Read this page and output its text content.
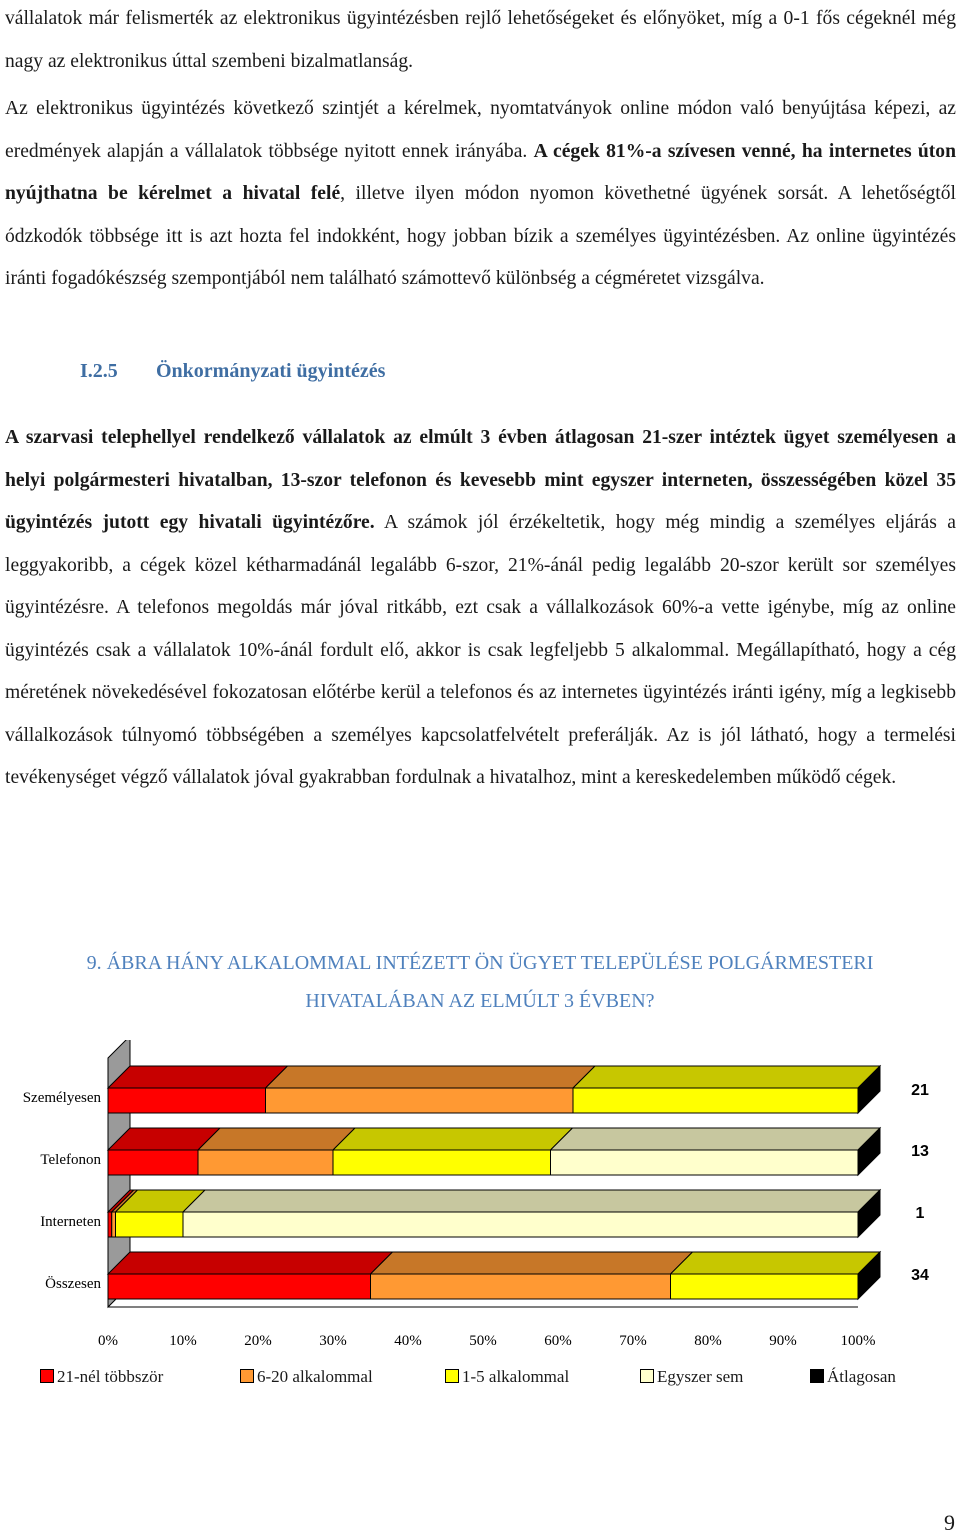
vállalatok már felismerték az elektronikus ügyintézésben rejlő lehetőségeket és előnyöket, míg a 0-1 fős cégeknél még nagy az elektronikus úttal szembeni bizalmatlanság.

Az elektronikus ügyintézés következő szintjét a kérelmek, nyomtatványok online módon való benyújtása képezi, az eredmények alapján a vállalatok többsége nyitott ennek irányába. A cégek 81%-a szívesen venné, ha internetes úton nyújthatna be kérelmet a hivatal felé, illetve ilyen módon nyomon követhetné ügyének sorsát. A lehetőségtől ódzkodók többsége itt is azt hozta fel indokként, hogy jobban bízik a személyes ügyintézésben. Az online ügyintézés iránti fogadókészség szempontjából nem található számottevő különbség a cégméretet vizsgálva.

I.2.5 Önkormányzati ügyintézés

A szarvasi telephellyel rendelkező vállalatok az elmúlt 3 évben átlagosan 21-szer intéztek ügyet személyesen a helyi polgármesteri hivatalban, 13-szor telefonon és kevesebb mint egyszer interneten, összességében közel 35 ügyintézés jutott egy hivatali ügyintézőre. A számok jól érzékeltetik, hogy még mindig a személyes eljárás a leggyakoribb, a cégek közel kétharmadánál legalább 6-szor, 21%-ánál pedig legalább 20-szor került sor személyes ügyintézésre. A telefonos megoldás már jóval ritkább, ezt csak a vállalkozások 60%-a vette igénybe, míg az online ügyintézés csak a vállalatok 10%-ánál fordult elő, akkor is csak legfeljebb 5 alkalommal. Megállapítható, hogy a cég méretének növekedésével fokozatosan előtérbe kerül a telefonos és az internetes ügyintézés iránti igény, míg a legkisebb vállalkozások túlnyomó többségében a személyes kapcsolatfelvételt preferálják. Az is jól látható, hogy a termelési tevékenységet végző vállalatok jóval gyakrabban fordulnak a hivatalhoz, mint a kereskedelemben működő cégek.

9. ÁBRA HÁNY ALKALOMMAL INTÉZETT ÖN ÜGYET TELEPÜLÉSE POLGÁRMESTERI
HIVATALÁBAN AZ ELMÚLT 3 ÉVBEN?

Személyesen	21
Telefonon	13
Interneten	1
Összesen	34
0%	10%	20%	30%	40%	50%	60%	70%	80%	90%	100%
21-nél többször	6-20 alkalommal	1-5 alkalommal	Egyszer sem	Átlagosan

9
